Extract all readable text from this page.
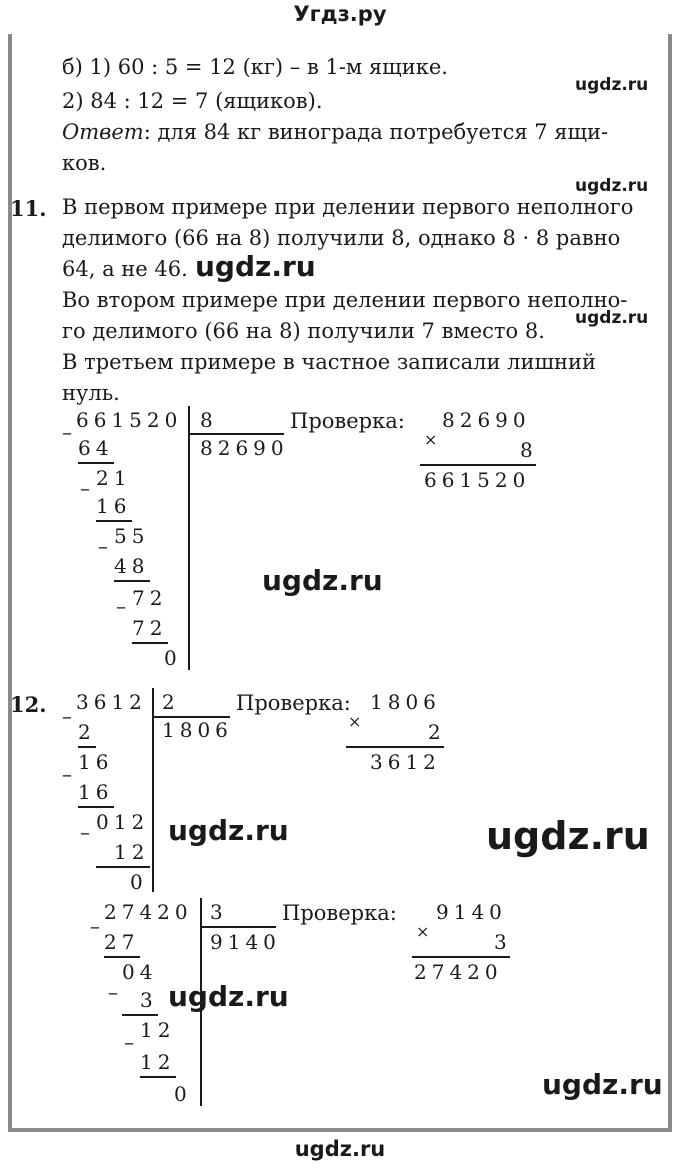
Угдз.ру
б) 1) 60 : 5 = 12 (кг) – в 1-м ящике.
ugdz.ru
2) 84 : 12 = 7 (ящиков).
Ответ: для 84 кг винограда потребуется 7 ящи-
ков.
ugdz.ru
11. В первом примере при делении первого неполного
делимого (66 на 8) получили 8, однако 8 · 8 равно
64, а не 46. ugdz.ru
Во втором примере при делении первого неполно-
го делимого (66 на 8) получили 7 вместо 8.
ugdz.ru
В третьем примере в частное записали лишний
нуль.
– 661520 8
82690
64
– 21
16
– 55
48
– 72
72
0
ugdz.ru
Проверка: 82690
×	8
661520
12. –
3612 2
1806
2
– 16
16
– 012
12
0
Проверка: 1806
×	2
3612
ugdz.ru	ugdz.ru
–
27420 3
9140
27
04
– 3
– 12
12
0
ugdz.ru
Проверка: 9140
×	3
27420
ugdz.ru
ugdz.ru
